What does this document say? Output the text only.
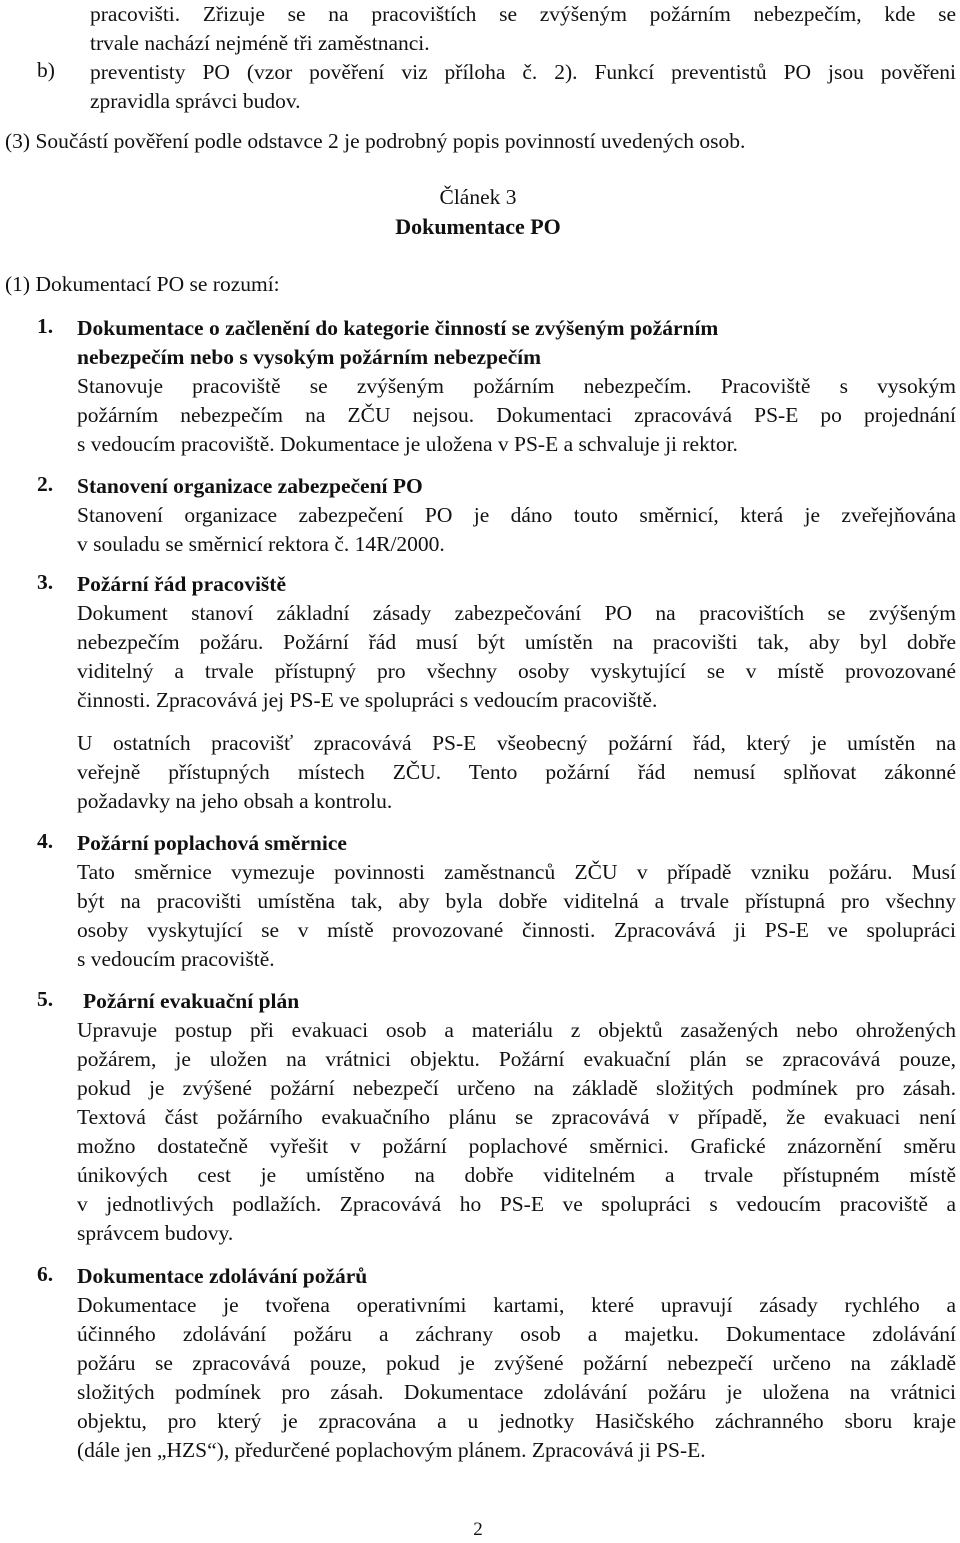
pracovišti. Zřizuje se na pracovištích se zvýšeným požárním nebezpečím, kde se
trvale nachází nejméně tři zaměstnanci.
b) preventisty PO (vzor pověření viz příloha č. 2). Funkcí preventistů PO jsou pověřeni
zpravidla správci budov.
(3) Součástí pověření podle odstavce 2 je podrobný popis povinností uvedených osob.
Článek 3
Dokumentace PO
(1) Dokumentací PO se rozumí:
1. Dokumentace o začlenění do kategorie činností se zvýšeným požárním
nebezpečím nebo s vysokým požárním nebezpečím
Stanovuje pracoviště se zvýšeným požárním nebezpečím. Pracoviště s vysokým
požárním nebezpečím na ZČU nejsou. Dokumentaci zpracovává PS-E po projednání
s vedoucím pracoviště. Dokumentace je uložena v PS-E a schvaluje ji rektor.
2. Stanovení organizace zabezpečení PO
Stanovení organizace zabezpečení PO je dáno touto směrnicí, která je zveřejňována
v souladu se směrnicí rektora č. 14R/2000.
3. Požární řád pracoviště
Dokument stanoví základní zásady zabezpečování PO na pracovištích se zvýšeným
nebezpečím požáru. Požární řád musí být umístěn na pracovišti tak, aby byl dobře
viditelný a trvale přístupný pro všechny osoby vyskytující se v místě provozované
činnosti. Zpracovává jej PS-E ve spolupráci s vedoucím pracoviště.
U ostatních pracovišť zpracovává PS-E všeobecný požární řád, který je umístěn na
veřejně přístupných místech ZČU. Tento požární řád nemusí splňovat zákonné
požadavky na jeho obsah a kontrolu.
4. Požární poplachová směrnice
Tato směrnice vymezuje povinnosti zaměstnanců ZČU v případě vzniku požáru. Musí
být na pracovišti umístěna tak, aby byla dobře viditelná a trvale přístupná pro všechny
osoby vyskytující se v místě provozované činnosti. Zpracovává ji PS-E ve spolupráci
s vedoucím pracoviště.
5. Požární evakuační plán
Upravuje postup při evakuaci osob a materiálu z objektů zasažených nebo ohrožených
požárem, je uložen na vrátnici objektu. Požární evakuační plán se zpracovává pouze,
pokud je zvýšené požární nebezpečí určeno na základě složitých podmínek pro zásah.
Textová část požárního evakuačního plánu se zpracovává v případě, že evakuaci není
možno dostatečně vyřešit v požární poplachové směrnici. Grafické znázornění směru
únikových cest je umístěno na dobře viditelném a trvale přístupném místě
v jednotlivých podlažích. Zpracovává ho PS-E ve spolupráci s vedoucím pracoviště a
správcem budovy.
6. Dokumentace zdolávání požárů
Dokumentace je tvořena operativními kartami, které upravují zásady rychlého a
účinného zdolávání požáru a záchrany osob a majetku. Dokumentace zdolávání
požáru se zpracovává pouze, pokud je zvýšené požární nebezpečí určeno na základě
složitých podmínek pro zásah. Dokumentace zdolávání požáru je uložena na vrátnici
objektu, pro který je zpracována a u jednotky Hasičského záchranného sboru kraje
(dále jen „HZS“), předurčené poplachovým plánem. Zpracovává ji PS-E.
2
